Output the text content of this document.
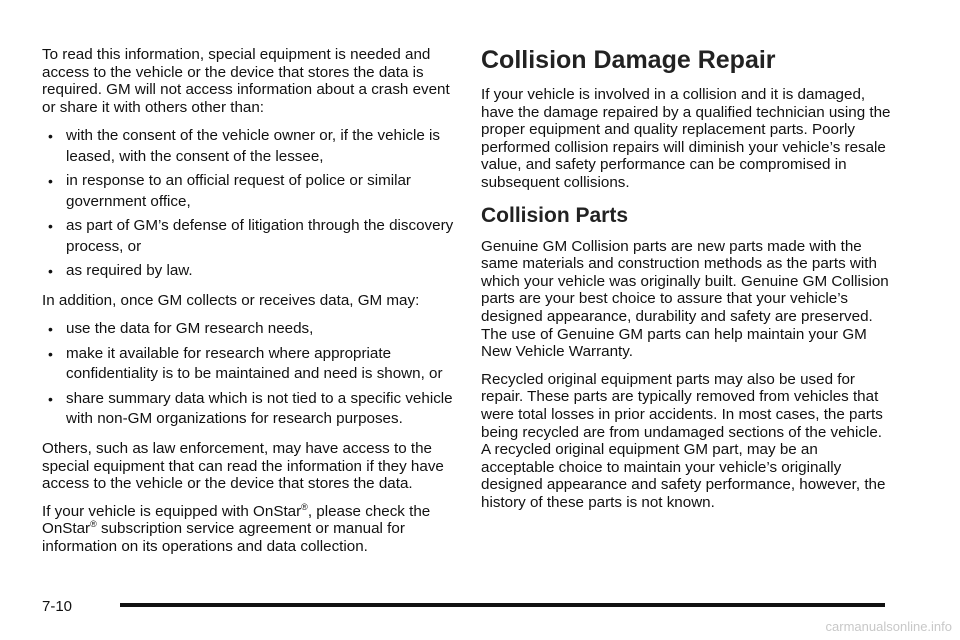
To read this information, special equipment is needed and access to the vehicle or the device that stores the data is required. GM will not access information about a crash event or share it with others other than:

• with the consent of the vehicle owner or, if the vehicle is leased, with the consent of the lessee,
• in response to an official request of police or similar government office,
• as part of GM’s defense of litigation through the discovery process, or
• as required by law.

In addition, once GM collects or receives data, GM may:

• use the data for GM research needs,
• make it available for research where appropriate confidentiality is to be maintained and need is shown, or
• share summary data which is not tied to a specific vehicle with non-GM organizations for research purposes.

Others, such as law enforcement, may have access to the special equipment that can read the information if they have access to the vehicle or the device that stores the data.

If your vehicle is equipped with OnStar®, please check the OnStar® subscription service agreement or manual for information on its operations and data collection.

Collision Damage Repair

If your vehicle is involved in a collision and it is damaged, have the damage repaired by a qualified technician using the proper equipment and quality replacement parts. Poorly performed collision repairs will diminish your vehicle’s resale value, and safety performance can be compromised in subsequent collisions.

Collision Parts

Genuine GM Collision parts are new parts made with the same materials and construction methods as the parts with which your vehicle was originally built. Genuine GM Collision parts are your best choice to assure that your vehicle’s designed appearance, durability and safety are preserved. The use of Genuine GM parts can help maintain your GM New Vehicle Warranty.

Recycled original equipment parts may also be used for repair. These parts are typically removed from vehicles that were total losses in prior accidents. In most cases, the parts being recycled are from undamaged sections of the vehicle. A recycled original equipment GM part, may be an acceptable choice to maintain your vehicle’s originally designed appearance and safety performance, however, the history of these parts is not known.

7-10
carmanualsonline.info
